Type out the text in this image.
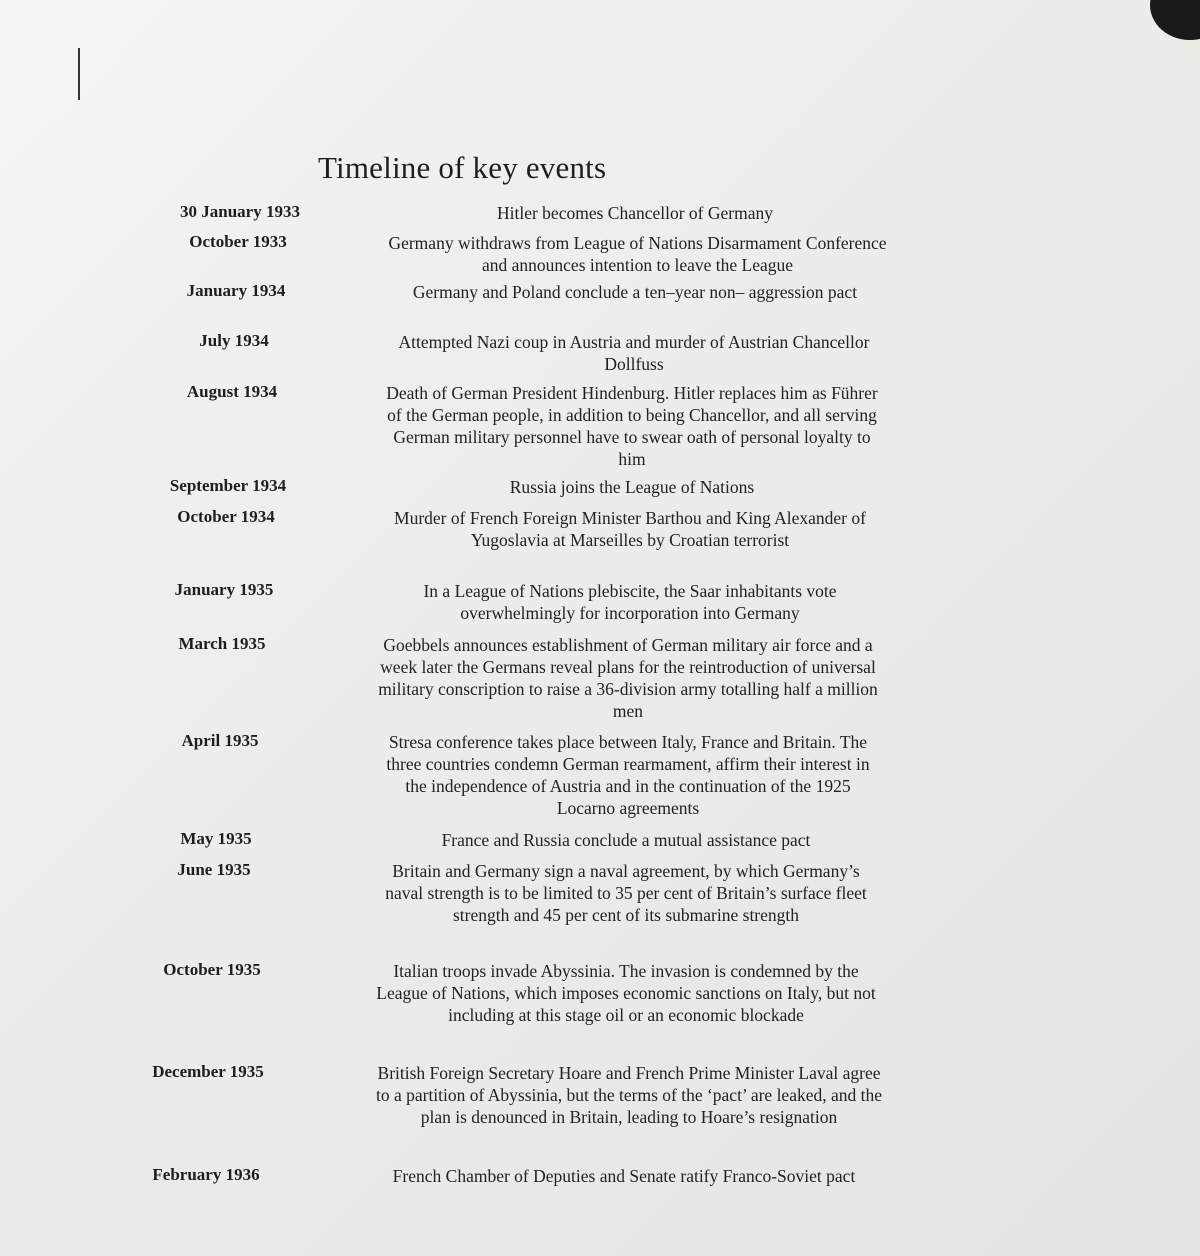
Timeline of key events
30 January 1933	Hitler becomes Chancellor of Germany
October 1933	Germany withdraws from League of Nations Disarmament Conference and announces intention to leave the League
January 1934	Germany and Poland conclude a ten–year non– aggression pact
July 1934	Attempted Nazi coup in Austria and murder of Austrian Chancellor Dollfuss
August 1934	Death of German President Hindenburg. Hitler replaces him as Führer of the German people, in addition to being Chancellor, and all serving German military personnel have to swear oath of personal loyalty to him
September 1934	Russia joins the League of Nations
October 1934	Murder of French Foreign Minister Barthou and King Alexander of Yugoslavia at Marseilles by Croatian terrorist
January 1935	In a League of Nations plebiscite, the Saar inhabitants vote overwhelmingly for incorporation into Germany
March 1935	Goebbels announces establishment of German military air force and a week later the Germans reveal plans for the reintroduction of universal military conscription to raise a 36-division army totalling half a million men
April 1935	Stresa conference takes place between Italy, France and Britain. The three countries condemn German rearmament, affirm their interest in the independence of Austria and in the continuation of the 1925 Locarno agreements
May 1935	France and Russia conclude a mutual assistance pact
June 1935	Britain and Germany sign a naval agreement, by which Germany’s naval strength is to be limited to 35 per cent of Britain’s surface fleet strength and 45 per cent of its submarine strength
October 1935	Italian troops invade Abyssinia. The invasion is condemned by the League of Nations, which imposes economic sanctions on Italy, but not including at this stage oil or an economic blockade
December 1935	British Foreign Secretary Hoare and French Prime Minister Laval agree to a partition of Abyssinia, but the terms of the ‘pact’ are leaked, and the plan is denounced in Britain, leading to Hoare’s resignation
February 1936	French Chamber of Deputies and Senate ratify Franco-Soviet pact
